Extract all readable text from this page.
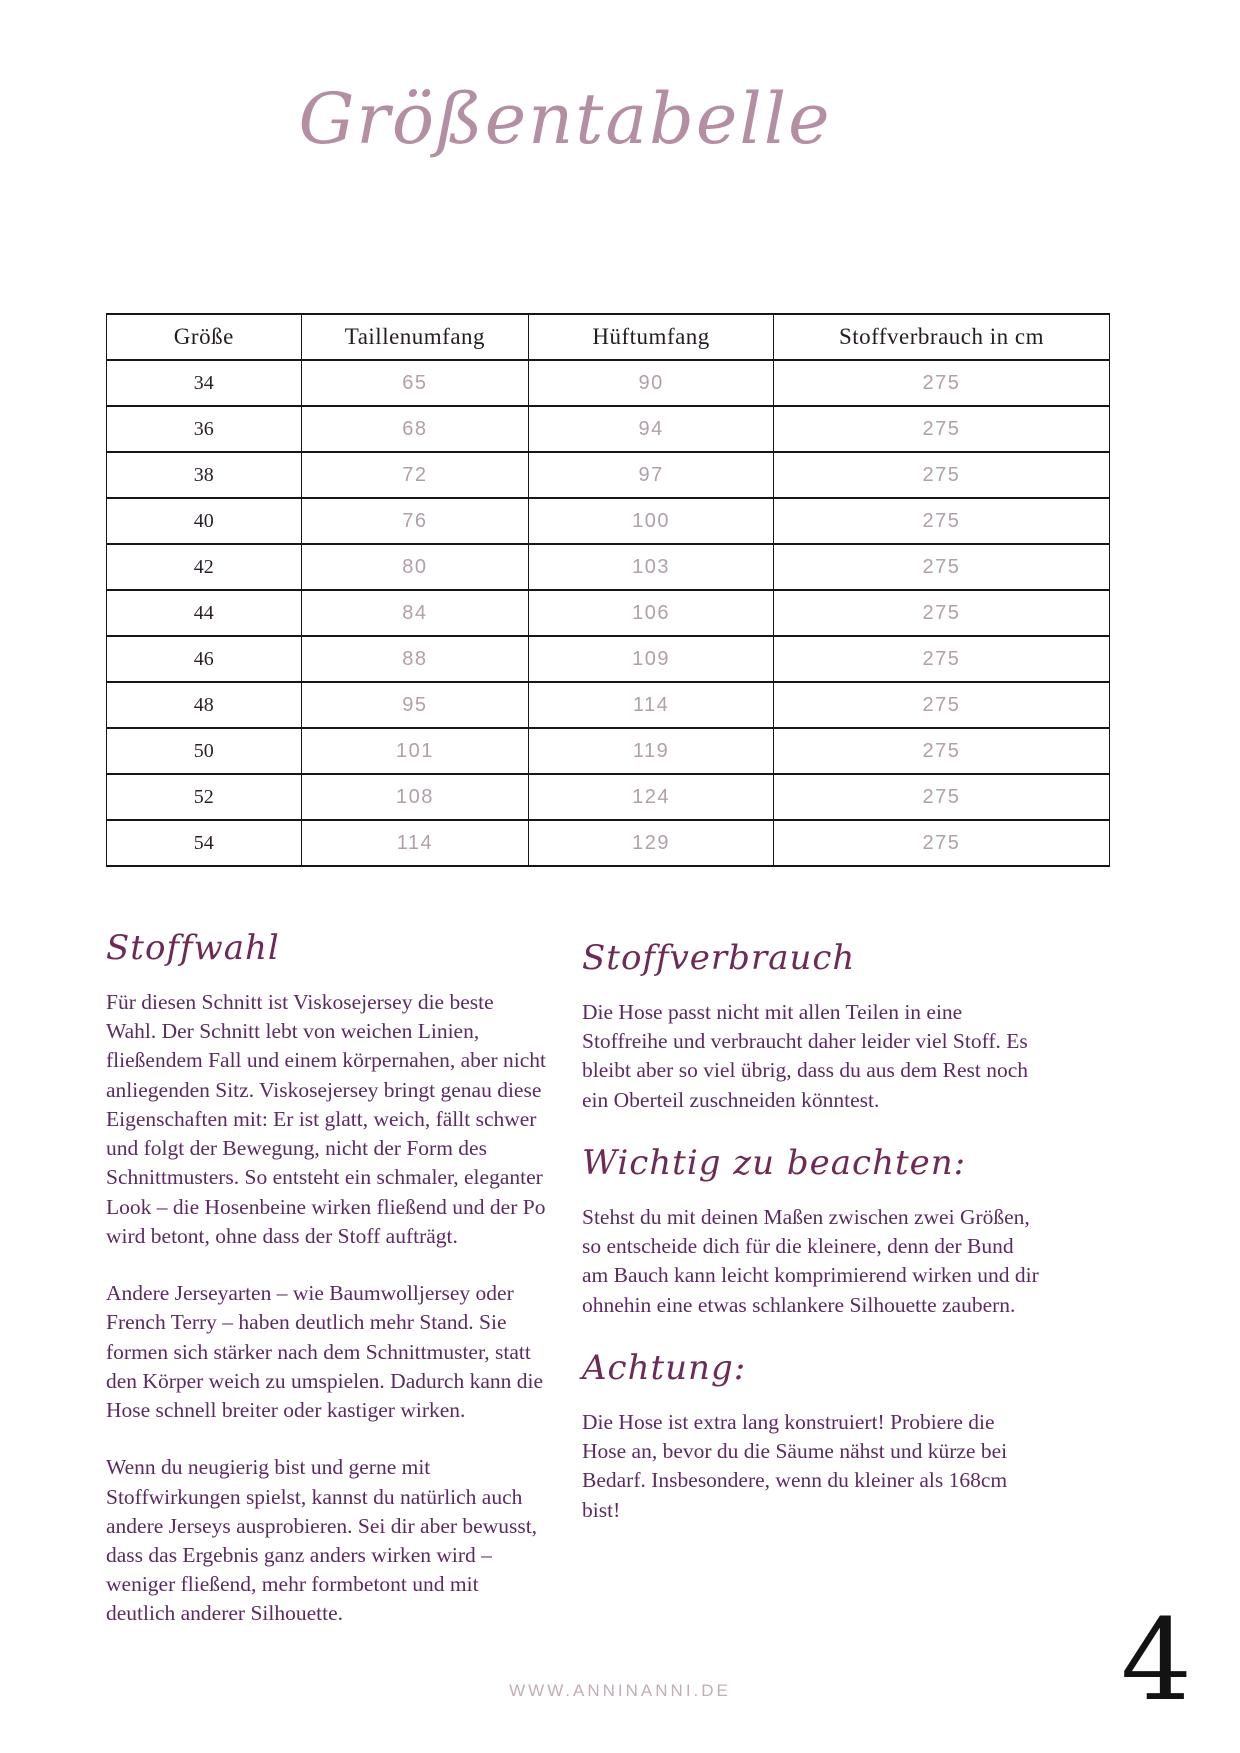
Größentabelle
Größe	Taillenumfang	Hüftumfang	Stoffverbrauch in cm
34	65	90	275
36	68	94	275
38	72	97	275
40	76	100	275
42	80	103	275
44	84	106	275
46	88	109	275
48	95	114	275
50	101	119	275
52	108	124	275
54	114	129	275
Stoffwahl

Für diesen Schnitt ist Viskosejersey die beste Wahl. Der Schnitt lebt von weichen Linien, fließendem Fall und einem körpernahen, aber nicht anliegenden Sitz. Viskosejersey bringt genau diese Eigenschaften mit: Er ist glatt, weich, fällt schwer und folgt der Bewegung, nicht der Form des Schnittmusters. So entsteht ein schmaler, eleganter Look – die Hosenbeine wirken fließend und der Po wird betont, ohne dass der Stoff aufträgt.

Andere Jerseyarten – wie Baumwolljersey oder French Terry – haben deutlich mehr Stand. Sie formen sich stärker nach dem Schnittmuster, statt den Körper weich zu umspielen. Dadurch kann die Hose schnell breiter oder kastiger wirken.

Wenn du neugierig bist und gerne mit Stoffwirkungen spielst, kannst du natürlich auch andere Jerseys ausprobieren. Sei dir aber bewusst, dass das Ergebnis ganz anders wirken wird – weniger fließend, mehr formbetont und mit deutlich anderer Silhouette.

Stoffverbrauch

Die Hose passt nicht mit allen Teilen in eine Stoffreihe und verbraucht daher leider viel Stoff. Es bleibt aber so viel übrig, dass du aus dem Rest noch ein Oberteil zuschneiden könntest.

Wichtig zu beachten:

Stehst du mit deinen Maßen zwischen zwei Größen, so entscheide dich für die kleinere, denn der Bund am Bauch kann leicht komprimierend wirken und dir ohnehin eine etwas schlankere Silhouette zaubern.

Achtung:

Die Hose ist extra lang konstruiert! Probiere die Hose an, bevor du die Säume nähst und kürze bei Bedarf. Insbesondere, wenn du kleiner als 168cm bist!

WWW.ANNINANNI.DE	4
